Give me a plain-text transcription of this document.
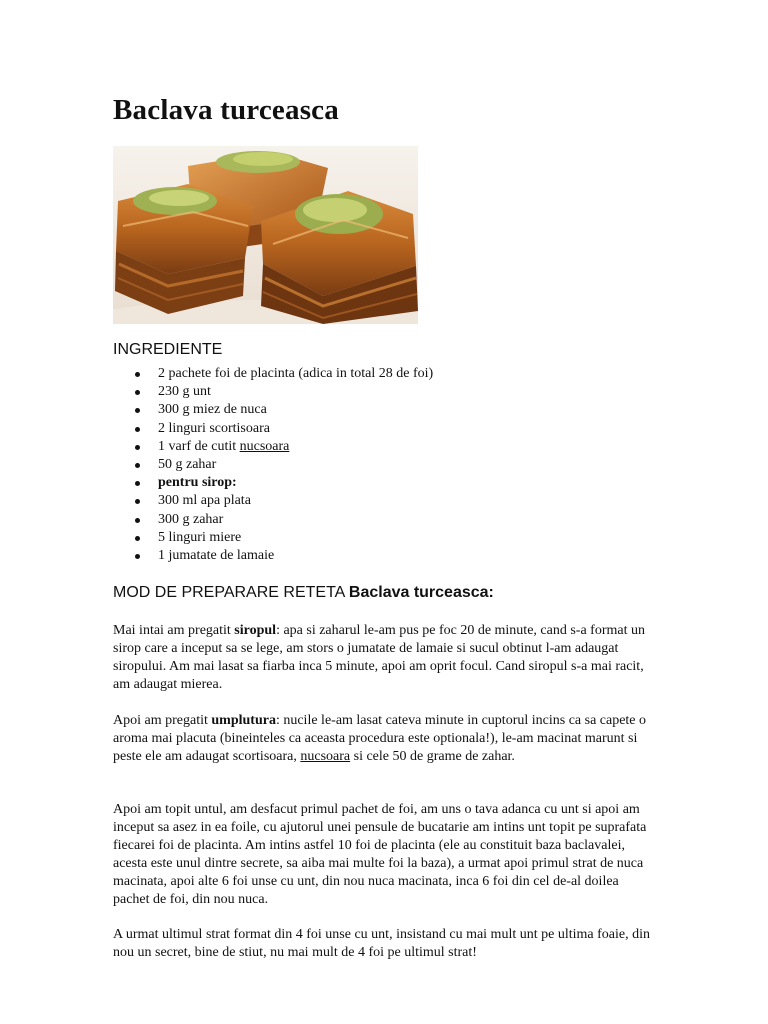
Baclava turceasca
INGREDIENTE
2 pachete foi de placinta (adica in total 28 de foi)
230 g unt
300 g miez de nuca
2 linguri scortisoara
1 varf de cutit nucsoara
50 g zahar
pentru sirop:
300 ml apa plata
300 g zahar
5 linguri miere
1 jumatate de lamaie
MOD DE PREPARARE RETETA Baclava turceasca:

Mai intai am pregatit siropul: apa si zaharul le-am pus pe foc 20 de minute, cand s-a format un sirop care a inceput sa se lege, am stors o jumatate de lamaie si sucul obtinut l-am adaugat siropului. Am mai lasat sa fiarba inca 5 minute, apoi am oprit focul. Cand siropul s-a mai racit, am adaugat mierea.

Apoi am pregatit umplutura: nucile le-am lasat cateva minute in cuptorul incins ca sa capete o aroma mai placuta (bineinteles ca aceasta procedura este optionala!), le-am macinat marunt si peste ele am adaugat scortisoara, nucsoara si cele 50 de grame de zahar.

Apoi am topit untul, am desfacut primul pachet de foi, am uns o tava adanca cu unt si apoi am inceput sa asez in ea foile, cu ajutorul unei pensule de bucatarie am intins unt topit pe suprafata fiecarei foi de placinta. Am intins astfel 10 foi de placinta (ele au constituit baza baclavalei, acesta este unul dintre secrete, sa aiba mai multe foi la baza), a urmat apoi primul strat de nuca macinata, apoi alte 6 foi unse cu unt, din nou nuca macinata, inca 6 foi din cel de-al doilea pachet de foi, din nou nuca.

A urmat ultimul strat format din 4 foi unse cu unt, insistand cu mai mult unt pe ultima foaie, din nou un secret, bine de stiut, nu mai mult de 4 foi pe ultimul strat!
